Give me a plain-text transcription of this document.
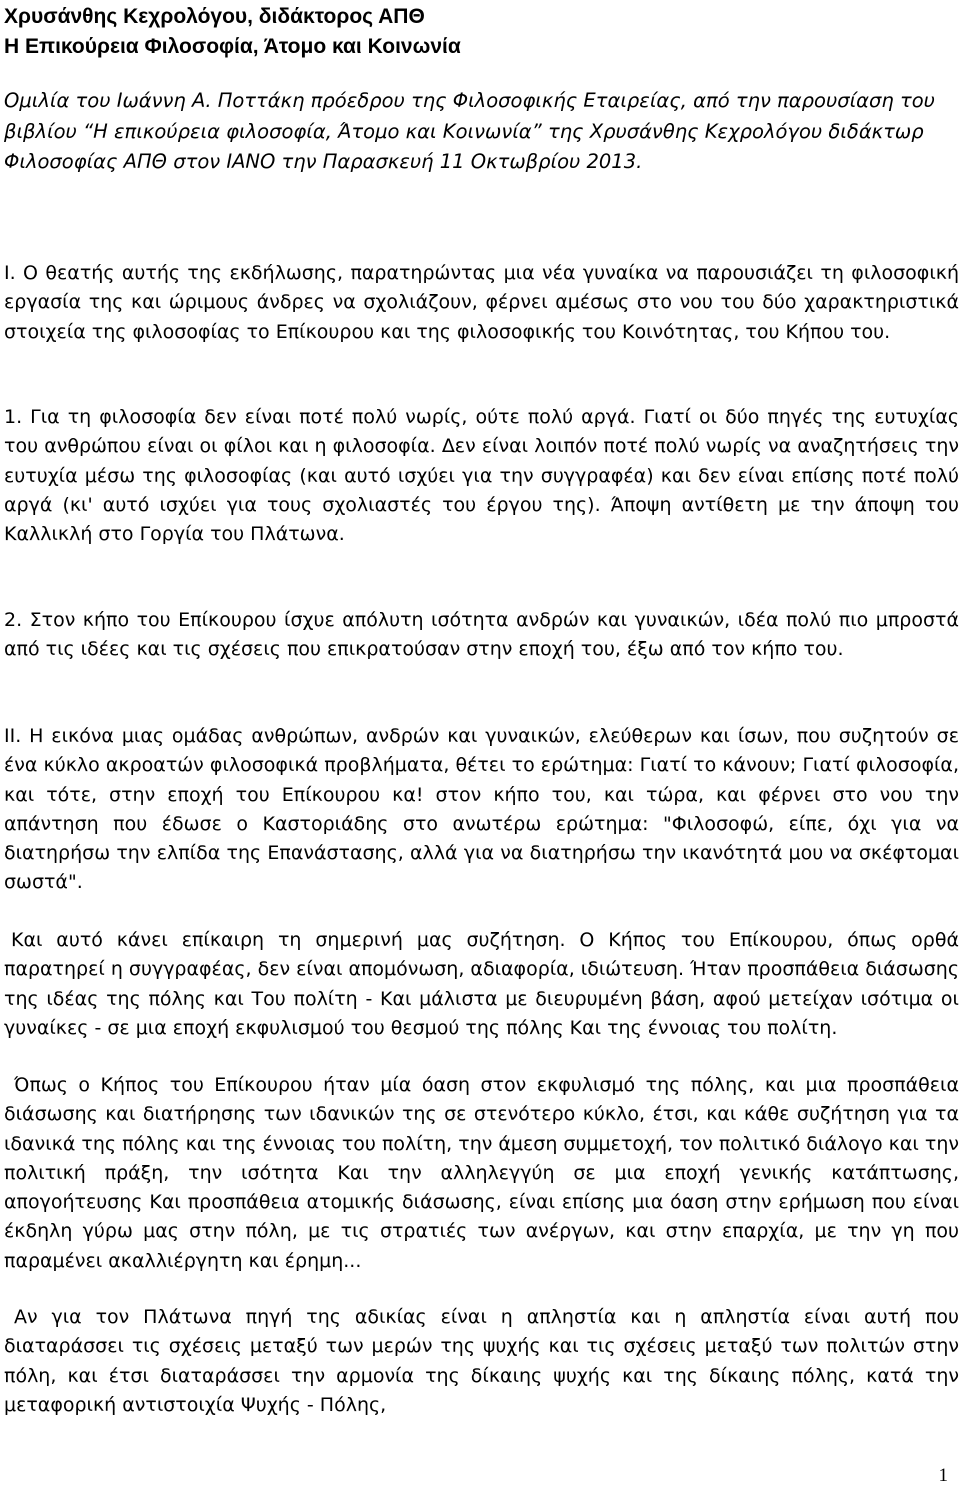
Χρυσάνθης Κεχρολόγου, διδάκτορος ΑΠΘ
Η Επικούρεια Φιλοσοφία, Άτομο και Κοινωνία

Ομιλία του Ιωάννη Α. Ποττάκη πρόεδρου της Φιλοσοφικής Εταιρείας, από την παρουσίαση του βιβλίου “Η επικούρεια φιλοσοφία, Άτομο και Κοινωνία” της Χρυσάνθης Κεχρολόγου διδάκτωρ Φιλοσοφίας ΑΠΘ στον ΙΑΝΟ την Παρασκευή 11 Οκτωβρίου 2013.

I. Ο θεατής αυτής της εκδήλωσης, παρατηρώντας μια νέα γυναίκα να παρουσιάζει τη φιλοσοφική εργασία της και ώριμους άνδρες να σχολιάζουν, φέρνει αμέσως στο νου του δύο χαρακτηριστικά στοιχεία της φιλοσοφίας το Επίκουρου και της φιλοσοφικής του Κοινότητας, του Κήπου του.

1. Για τη φιλοσοφία δεν είναι ποτέ πολύ νωρίς, ούτε πολύ αργά. Γιατί οι δύο πηγές της ευτυχίας του ανθρώπου είναι οι φίλοι και η φιλοσοφία. Δεν είναι λοιπόν ποτέ πολύ νωρίς να αναζητήσεις την ευτυχία μέσω της φιλοσοφίας (και αυτό ισχύει για την συγγραφέα) και δεν είναι επίσης ποτέ πολύ αργά (κι' αυτό ισχύει για τους σχολιαστές του έργου της). Άποψη αντίθετη με την άποψη του Καλλικλή στο Γοργία του Πλάτωνα.

2. Στον κήπο του Επίκουρου ίσχυε απόλυτη ισότητα ανδρών και γυναικών, ιδέα πολύ πιο μπροστά από τις ιδέες και τις σχέσεις που επικρατούσαν στην εποχή του, έξω από τον κήπο του.

II. Η εικόνα μιας ομάδας ανθρώπων, ανδρών και γυναικών, ελεύθερων και ίσων, που συζητούν σε ένα κύκλο ακροατών φιλοσοφικά προβλήματα, θέτει το ερώτημα: Γιατί το κάνουν; Γιατί φιλοσοφία, και τότε, στην εποχή του Επίκουρου κα! στον κήπο του, και τώρα, και φέρνει στο νου την απάντηση που έδωσε ο Καστοριάδης στο ανωτέρω ερώτημα: "Φιλοσοφώ, είπε, όχι για να διατηρήσω την ελπίδα της Επανάστασης, αλλά για να διατηρήσω την ικανότητά μου να σκέφτομαι σωστά".

Και αυτό κάνει επίκαιρη τη σημερινή μας συζήτηση. Ο Κήπος του Επίκουρου, όπως ορθά παρατηρεί η συγγραφέας, δεν είναι απομόνωση, αδιαφορία, ιδιώτευση. Ήταν προσπάθεια διάσωσης της ιδέας της πόλης και Του πολίτη - Και μάλιστα με διευρυμένη βάση, αφού μετείχαν ισότιμα οι γυναίκες - σε μια εποχή εκφυλισμού του θεσμού της πόλης Και της έννοιας του πολίτη.

Όπως ο Κήπος του Επίκουρου ήταν μία όαση στον εκφυλισμό της πόλης, και μια προσπάθεια διάσωσης και διατήρησης των ιδανικών της σε στενότερο κύκλο, έτσι, και κάθε συζήτηση για τα ιδανικά της πόλης και της έννοιας του πολίτη, την άμεση συμμετοχή, τον πολιτικό διάλογο και την πολιτική πράξη, την ισότητα Και την αλληλεγγύη σε μια εποχή γενικής κατάπτωσης, απογοήτευσης Και προσπάθεια ατομικής διάσωσης, είναι επίσης μια όαση στην ερήμωση που είναι έκδηλη γύρω μας στην πόλη, με τις στρατιές των ανέργων, και στην επαρχία, με την γη που παραμένει ακαλλιέργητη και έρημη...

Αν για τον Πλάτωνα πηγή της αδικίας είναι η απληστία και η απληστία είναι αυτή που διαταράσσει τις σχέσεις μεταξύ των μερών της ψυχής και τις σχέσεις μεταξύ των πολιτών στην πόλη, και έτσι διαταράσσει την αρμονία της δίκαιης ψυχής και της δίκαιης πόλης, κατά την μεταφορική αντιστοιχία Ψυχής - Πόλης,

1
